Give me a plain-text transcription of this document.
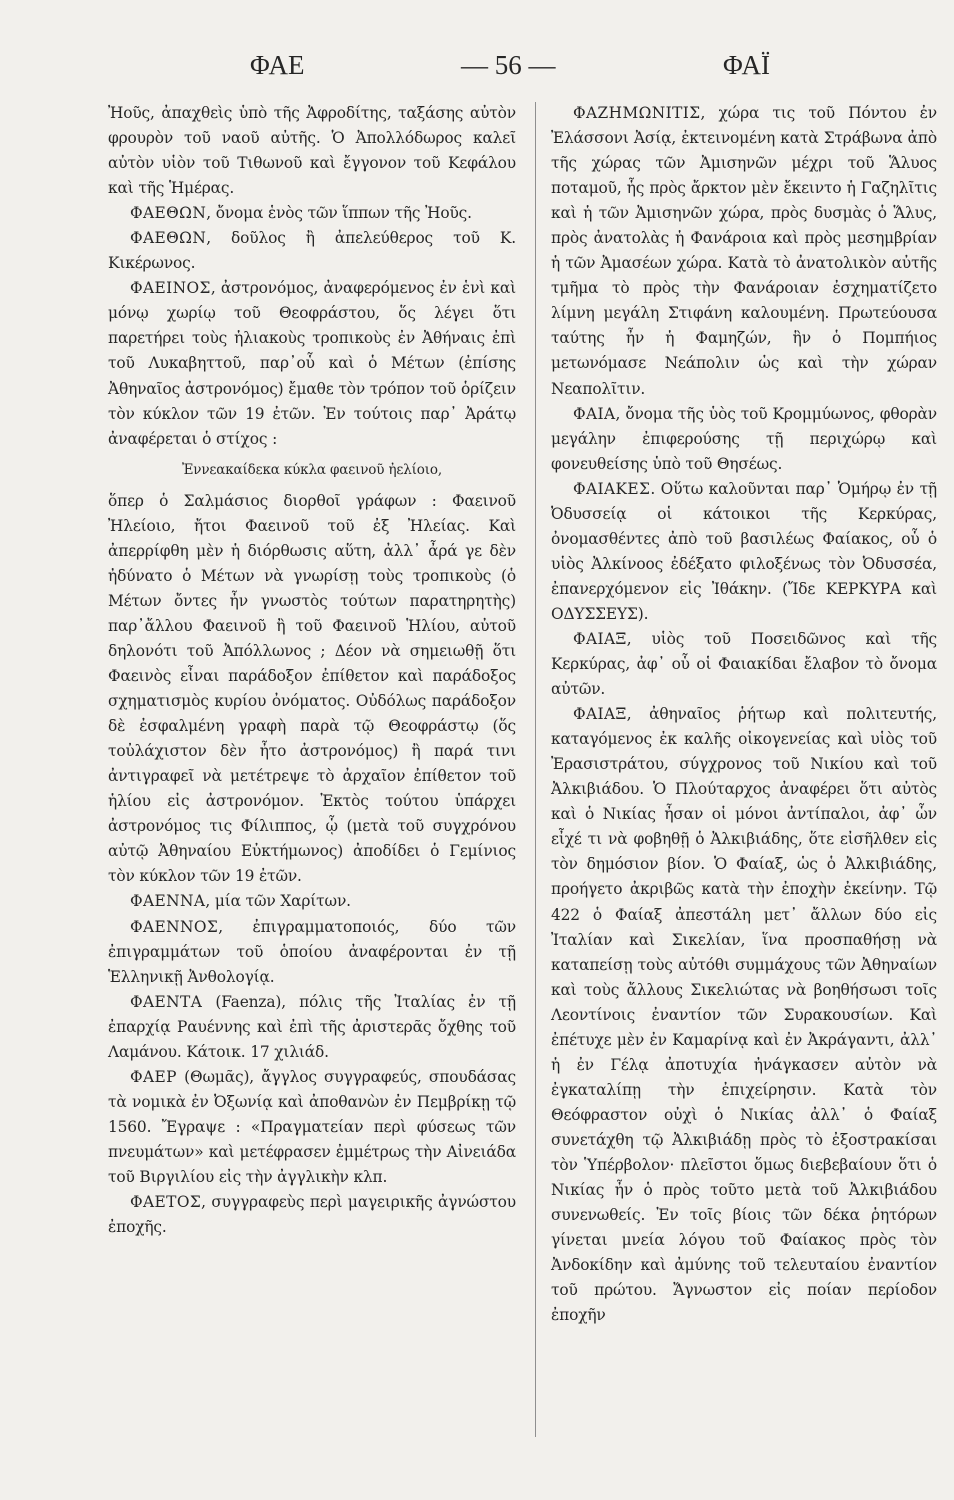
ΦΑΕ	— 56 —	ΦΑΪ

Ἠοῦς, ἀπαχθεὶς ὑπὸ τῆς Ἀφροδίτης, ταξάσης αὐτὸν φρουρὸν τοῦ ναοῦ αὐτῆς. Ὁ Ἀπολλόδωρος καλεῖ αὐτὸν υἱὸν τοῦ Τιθωνοῦ καὶ ἔγγονον τοῦ Κεφάλου καὶ τῆς Ἡμέρας.

ΦΑΕΘΩΝ, ὄνομα ἑνὸς τῶν ἵππων τῆς Ἠοῦς.

ΦΑΕΘΩΝ, δοῦλος ἢ ἀπελεύθερος τοῦ Κ. Κικέρωνος.

ΦΑΕΙΝΟΣ, ἀστρονόμος, ἀναφερόμενος ἐν ἑνὶ καὶ μόνῳ χωρίῳ τοῦ Θεοφράστου, ὅς λέγει ὅτι παρετήρει τοὺς ἡλιακοὺς τροπικοὺς ἐν Ἀθήναις ἐπὶ τοῦ Λυκαβηττοῦ, παρ᾽οὗ καὶ ὁ Μέτων (ἐπίσης Ἀθηναῖος ἀστρονόμος) ἔμαθε τὸν τρόπον τοῦ ὁρίζειν τὸν κύκλον τῶν 19 ἐτῶν. Ἐν τούτοις παρ᾽ Ἀράτῳ ἀναφέρεται ὁ στίχος :

Ἐννεακαίδεκα κύκλα φαεινοῦ ἠελίοιο,

ὅπερ ὁ Σαλμάσιος διορθοῖ γράφων : Φαεινοῦ Ἠλείοιο, ἤτοι Φαεινοῦ τοῦ ἐξ Ἠλείας. Καὶ ἀπερρίφθη μὲν ἡ διόρθωσις αὕτη, ἀλλ᾽ ἆρά γε δὲν ἠδύνατο ὁ Μέτων νὰ γνωρίσῃ τοὺς τροπικοὺς (ὁ Μέτων ὄντες ἦν γνωστὸς τούτων παρατηρητὴς) παρ᾽ἄλλου Φαεινοῦ ἢ τοῦ Φαεινοῦ Ἡλίου, αὐτοῦ δηλονότι τοῦ Ἀπόλλωνος ; Δέον νὰ σημειωθῇ ὅτι Φαεινὸς εἶναι παράδοξον ἐπίθετον καὶ παράδοξος σχηματισμὸς κυρίου ὀνόματος. Οὐδόλως παράδοξον δὲ ἐσφαλμένη γραφὴ παρὰ τῷ Θεοφράστῳ (ὅς τοὐλάχιστον δὲν ἦτο ἀστρονόμος) ἢ παρά τινι ἀντιγραφεῖ νὰ μετέτρεψε τὸ ἀρχαῖον ἐπίθετον τοῦ ἡλίου εἰς ἀστρονόμον. Ἐκτὸς τούτου ὑπάρχει ἀστρονόμος τις Φίλιππος, ᾧ (μετὰ τοῦ συγχρόνου αὐτῷ Ἀθηναίου Εὐκτήμωνος) ἀποδίδει ὁ Γεμίνιος τὸν κύκλον τῶν 19 ἐτῶν.

ΦΑΕΝΝΑ, μία τῶν Χαρίτων.

ΦΑΕΝΝΟΣ, ἐπιγραμματοποιός, δύο τῶν ἐπιγραμμάτων τοῦ ὁποίου ἀναφέρονται ἐν τῇ Ἑλληνικῇ Ἀνθολογίᾳ.

ΦΑΕΝΤΑ (Faenza), πόλις τῆς Ἰταλίας ἐν τῇ ἐπαρχίᾳ Ραυέννης καὶ ἐπὶ τῆς ἀριστερᾶς ὄχθης τοῦ Λαμάνου. Κάτοικ. 17 χιλιάδ.

ΦΑΕΡ (Θωμᾶς), ἄγγλος συγγραφεύς, σπουδάσας τὰ νομικὰ ἐν Ὀξωνίᾳ καὶ ἀποθανὼν ἐν Πεμβρίκῃ τῷ 1560. Ἔγραψε : «Πραγματείαν περὶ φύσεως τῶν πνευμάτων» καὶ μετέφρασεν ἐμμέτρως τὴν Αἰνειάδα τοῦ Βιργιλίου εἰς τὴν ἀγγλικὴν κλπ.

ΦΑΕΤΟΣ, συγγραφεὺς περὶ μαγειρικῆς ἀγνώστου ἐποχῆς.

ΦΑΖΗΜΩΝΙΤΙΣ, χώρα τις τοῦ Πόντου ἐν Ἐλάσσονι Ἀσίᾳ, ἐκτεινομένη κατὰ Στράβωνα ἀπὸ τῆς χώρας τῶν Ἀμισηνῶν μέχρι τοῦ Ἅλυος ποταμοῦ, ἧς πρὸς ἄρκτον μὲν ἔκειντο ἡ Γαζηλῖτις καὶ ἡ τῶν Ἀμισηνῶν χώρα, πρὸς δυσμὰς ὁ Ἅλυς, πρὸς ἀνατολὰς ἡ Φανάροια καὶ πρὸς μεσημβρίαν ἡ τῶν Ἀμασέων χώρα. Κατὰ τὸ ἀνατολικὸν αὐτῆς τμῆμα τὸ πρὸς τὴν Φανάροιαν ἐσχηματίζετο λίμνη μεγάλη Στιφάνη καλουμένη. Πρωτεύουσα ταύτης ἦν ἡ Φαμηζών, ἣν ὁ Πομπήιος μετωνόμασε Νεάπολιν ὡς καὶ τὴν χώραν Νεαπολῖτιν.

ΦΑΙΑ, ὄνομα τῆς ὑὸς τοῦ Κρομμύωνος, φθορὰν μεγάλην ἐπιφερούσης τῇ περιχώρῳ καὶ φονευθείσης ὑπὸ τοῦ Θησέως.

ΦΑΙΑΚΕΣ. Οὕτω καλοῦνται παρ᾽ Ὁμήρῳ ἐν τῇ Ὀδυσσείᾳ οἱ κάτοικοι τῆς Κερκύρας, ὀνομασθέντες ἀπὸ τοῦ βασιλέως Φαίακος, οὗ ὁ υἱὸς Ἀλκίνοος ἐδέξατο φιλοξένως τὸν Ὀδυσσέα, ἐπανερχόμενον εἰς Ἰθάκην. (Ἴδε ΚΕΡΚΥΡΑ καὶ ΟΔΥΣΣΕΥΣ).

ΦΑΙΑΞ, υἱὸς τοῦ Ποσειδῶνος καὶ τῆς Κερκύρας, ἀφ᾽ οὗ οἱ Φαιακίδαι ἔλαβον τὸ ὄνομα αὐτῶν.

ΦΑΙΑΞ, ἀθηναῖος ῥήτωρ καὶ πολιτευτής, καταγόμενος ἐκ καλῆς οἰκογενείας καὶ υἱὸς τοῦ Ἐρασιστράτου, σύγχρονος τοῦ Νικίου καὶ τοῦ Ἀλκιβιάδου. Ὁ Πλούταρχος ἀναφέρει ὅτι αὐτὸς καὶ ὁ Νικίας ἦσαν οἱ μόνοι ἀντίπαλοι, ἀφ᾽ ὧν εἶχέ τι νὰ φοβηθῇ ὁ Ἀλκιβιάδης, ὅτε εἰσῆλθεν εἰς τὸν δημόσιον βίον. Ὁ Φαίαξ, ὡς ὁ Ἀλκιβιάδης, προήγετο ἀκριβῶς κατὰ τὴν ἐποχὴν ἐκείνην. Τῷ 422 ὁ Φαίαξ ἀπεστάλη μετ᾽ ἄλλων δύο εἰς Ἰταλίαν καὶ Σικελίαν, ἵνα προσπαθήσῃ νὰ καταπείσῃ τοὺς αὐτόθι συμμάχους τῶν Ἀθηναίων καὶ τοὺς ἄλλους Σικελιώτας νὰ βοηθήσωσι τοῖς Λεοντίνοις ἐναντίον τῶν Συρακουσίων. Καὶ ἐπέτυχε μὲν ἐν Καμαρίνᾳ καὶ ἐν Ἀκράγαντι, ἀλλ᾽ ἡ ἐν Γέλᾳ ἀποτυχία ἠνάγκασεν αὐτὸν νὰ ἐγκαταλίπῃ τὴν ἐπιχείρησιν. Κατὰ τὸν Θεόφραστον οὐχὶ ὁ Νικίας ἀλλ᾽ ὁ Φαίαξ συνετάχθη τῷ Ἀλκιβιάδῃ πρὸς τὸ ἐξοστρακίσαι τὸν Ὑπέρβολον· πλεῖστοι ὅμως διεβεβαίουν ὅτι ὁ Νικίας ἦν ὁ πρὸς τοῦτο μετὰ τοῦ Ἀλκιβιάδου συνενωθείς. Ἐν τοῖς βίοις τῶν δέκα ῥητόρων γίνεται μνεία λόγου τοῦ Φαίακος πρὸς τὸν Ἀνδοκίδην καὶ ἀμύνης τοῦ τελευταίου ἐναντίον τοῦ πρώτου. Ἄγνωστον εἰς ποίαν περίοδον ἐποχῆν
